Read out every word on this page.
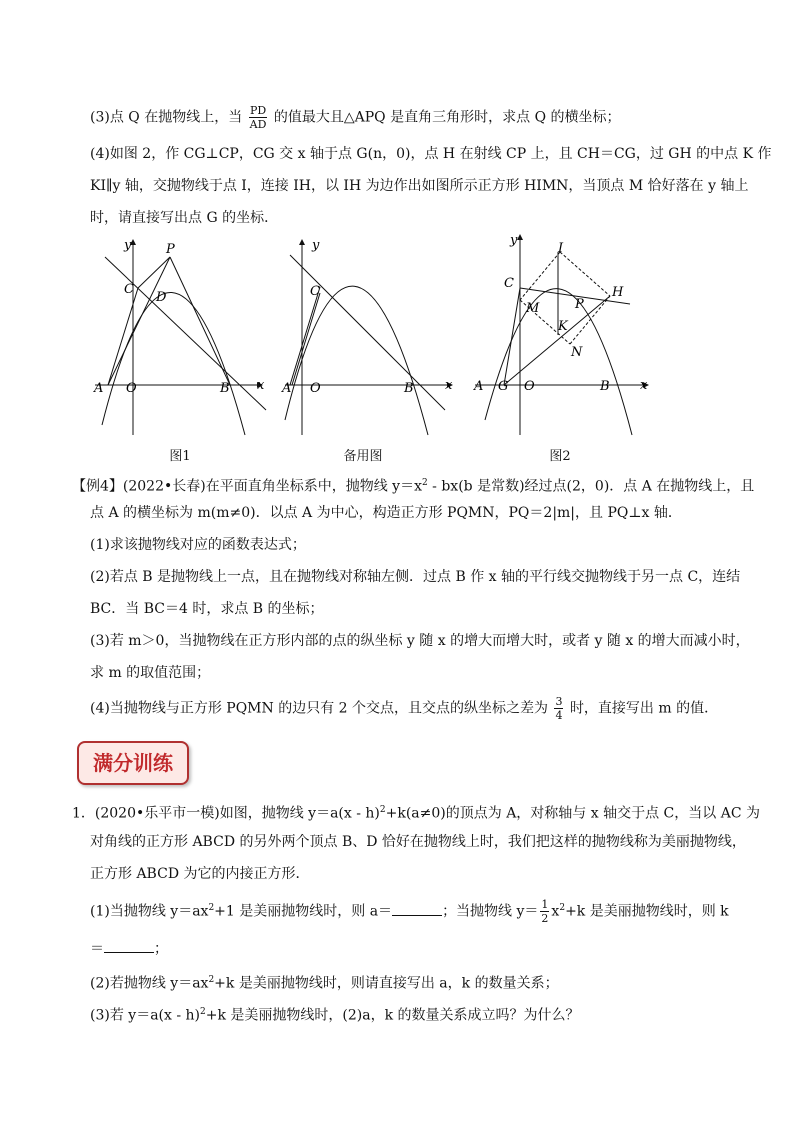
(3)点 Q 在抛物线上，当 $\frac{PD}{AD}$ 的值最大且△APQ 是直角三角形时，求点 Q 的横坐标；
(4)如图 2，作 CG⊥CP，CG 交 x 轴于点 G(n，0)，点 H 在射线 CP 上，且 CH＝CG，过 GH 的中点 K 作
KI∥y 轴，交抛物线于点 I，连接 IH，以 IH 为边作出如图所示正方形 HIMN，当顶点 M 恰好落在 y 轴上
时，请直接写出点 G 的坐标．
y
x
P
C
D
A O	B
图1
y
x
C
A O	B
备用图
y
x
I
C
H
M	P
K
N
A G O	B
图2
【例4】(2022•长春)在平面直角坐标系中，抛物线 $y=x^2 - bx(b$ 是常数)经过点(2，0)．点 A 在抛物线上，且
点 A 的横坐标为 m(m≠0)．以点 A 为中心，构造正方形 PQMN，PQ＝2|m|，且 PQ⊥x 轴．
(1)求该抛物线对应的函数表达式；
(2)若点 B 是抛物线上一点，且在抛物线对称轴左侧．过点 B 作 x 轴的平行线交抛物线于另一点 C，连结
BC．当 BC＝4 时，求点 B 的坐标；
(3)若 m＞0，当抛物线在正方形内部的点的纵坐标 y 随 x 的增大而增大时，或者 y 随 x 的增大而减小时，
求 m 的取值范围；
(4)当抛物线与正方形 PQMN 的边只有 2 个交点，且交点的纵坐标之差为 $\frac{3}{4}$ 时，直接写出 m 的值．
满分训练
1．(2020•乐平市一模)如图，抛物线 y＝a(x - h)$^2$+k(a≠0)的顶点为 A，对称轴与 x 轴交于点 C，当以 AC 为
对角线的正方形 ABCD 的另外两个顶点 B、D 恰好在抛物线上时，我们把这样的抛物线称为美丽抛物线，
正方形 ABCD 为它的内接正方形．
(1)当抛物线 $y=ax^2+1$ 是美丽抛物线时，则 a＝	；当抛物线 $y= \frac{1}{2} x^2+k$ 是美丽抛物线时，则 k
＝	；
(2)若抛物线 $y=ax^2+k$ 是美丽抛物线时，则请直接写出 a，k 的数量关系；
(3)若 y＝a(x - h)$^2$+k 是美丽抛物线时，(2)a，k 的数量关系成立吗？为什么？
